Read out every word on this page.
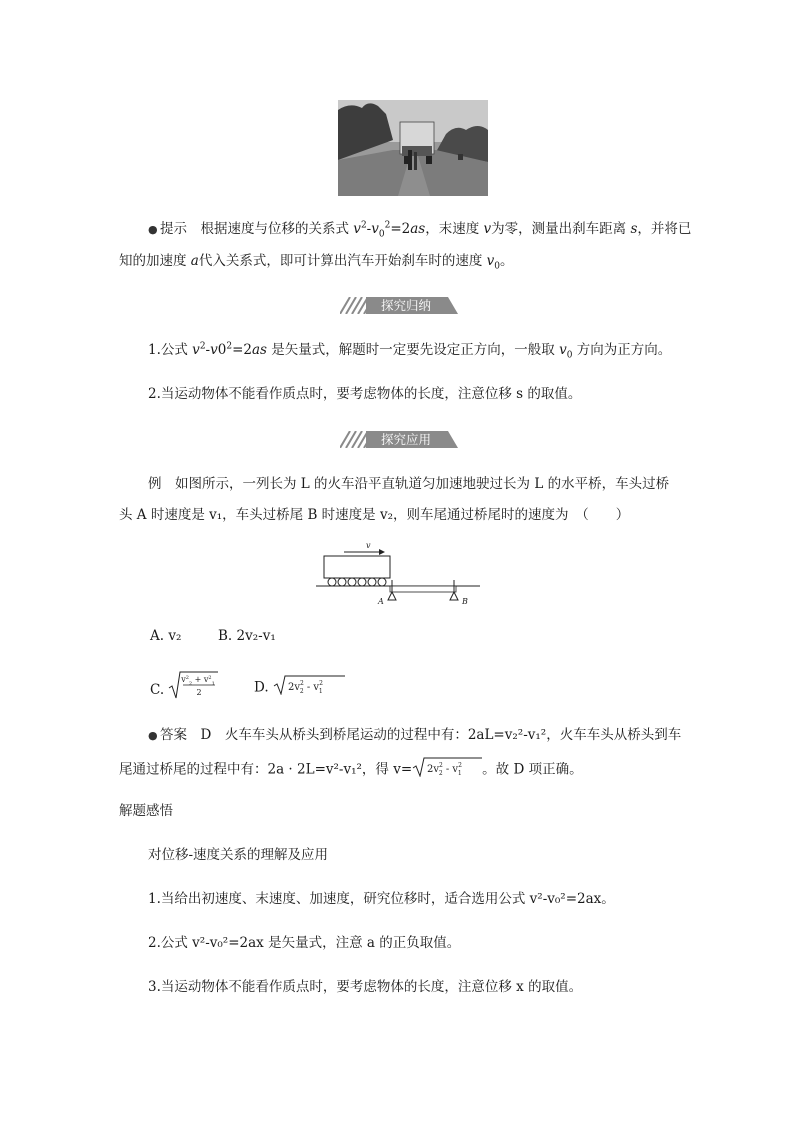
● 提示　 根据速度与位移的关系式 $v^2-v_0^2=2as$，末速度 v为零，测量出刹车距离 s，并将已
知的加速度 a代入关系式，即可计算出汽车开始刹车时的速度 $v_0$。
探究归纳
1.公式 $v^2-v0^2=2as$ 是矢量式，解题时一定要先设定正方向，一般取 $v_0$ 方向为正方向。
2.当运动物体不能看作质点时，要考虑物体的长度，注意位移 s 的取值。
探究应用
例　如图所示，一列长为 L 的火车沿平直轨道匀加速地驶过长为 L 的水平桥，车头过桥
头 A 时速度是 v₁，车头过桥尾 B 时速度是 v₂，则车尾通过桥尾时的速度为　（　　）
v
A	B
A. v₂	B. 2v₂-v₁
C.
$v^2_2 + v^2_1$
2	D. $2v^2$ $2 - v^2$ 1
● 答案　 D　 火车车头从桥头到桥尾运动的过程中有：2aL=v₂²-v₁²，火车车头从桥头到车
尾通过桥尾的过程中有：2a · 2L=v²-v₁²，得 $v= 2v^2$ $2 - v^2$ 1 。故 D 项正确。
解题感悟
对位移-速度关系的理解及应用
1.当给出初速度、末速度、加速度，研究位移时，适合选用公式 v²-v₀²=2ax。
2.公式 v²-v₀²=2ax 是矢量式，注意 a 的正负取值。
3.当运动物体不能看作质点时，要考虑物体的长度，注意位移 x 的取值。
